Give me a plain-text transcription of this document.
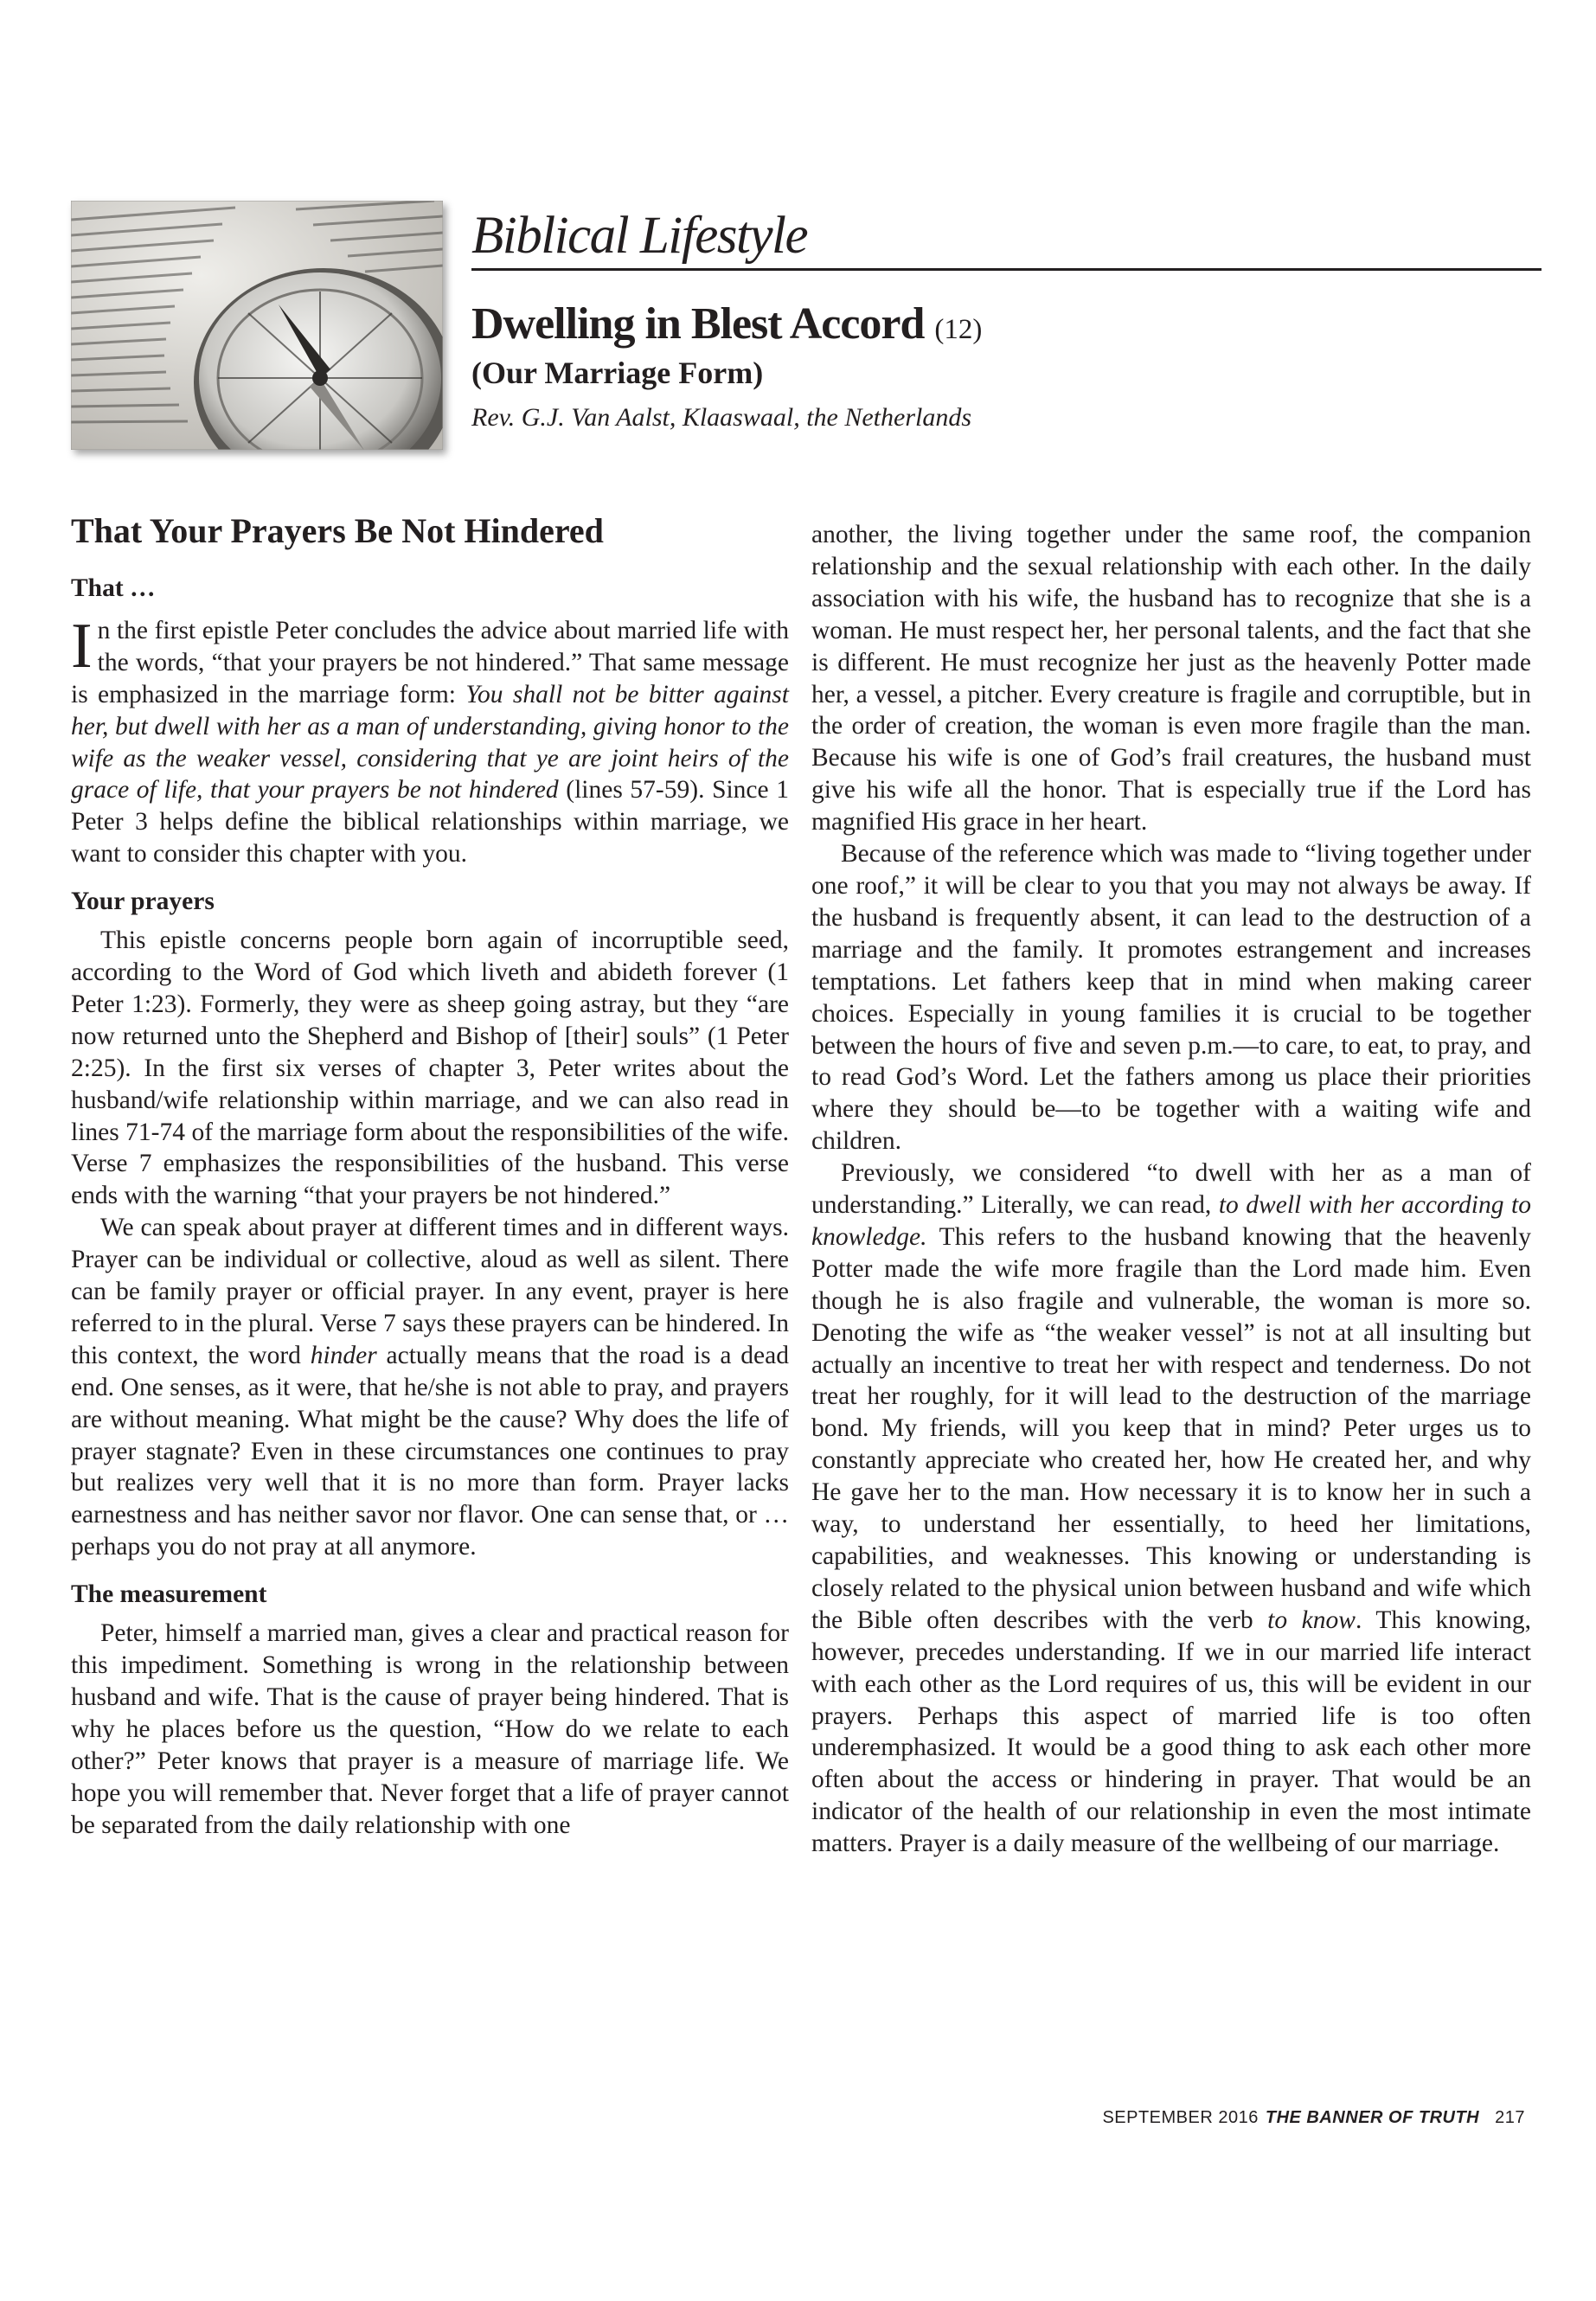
Biblical Lifestyle
Dwelling in Blest Accord (12)
(Our Marriage Form)

Rev. G.J. Van Aalst, Klaaswaal, the Netherlands

That Your Prayers Be Not Hindered
That …

In the first epistle Peter concludes the advice about married life with the words, “that your prayers be not hindered.” That same message is emphasized in the marriage form: You shall not be bitter against her, but dwell with her as a man of understanding, giving honor to the wife as the weaker vessel, considering that ye are joint heirs of the grace of life, that your prayers be not hindered (lines 57-59). Since 1 Peter 3 helps define the biblical relationships within marriage, we want to consider this chapter with you.

Your prayers

This epistle concerns people born again of incorruptible seed, according to the Word of God which liveth and abideth forever (1 Peter 1:23). Formerly, they were as sheep going astray, but they “are now returned unto the Shepherd and Bishop of [their] souls” (1 Peter 2:25). In the first six verses of chapter 3, Peter writes about the husband/wife relationship within marriage, and we can also read in lines 71-74 of the marriage form about the responsibilities of the wife. Verse 7 emphasizes the responsibilities of the husband. This verse ends with the warning “that your prayers be not hindered.”

We can speak about prayer at different times and in different ways. Prayer can be individual or collective, aloud as well as silent. There can be family prayer or official prayer. In any event, prayer is here referred to in the plural. Verse 7 says these prayers can be hindered. In this context, the word hinder actually means that the road is a dead end. One senses, as it were, that he/she is not able to pray, and prayers are without meaning. What might be the cause? Why does the life of prayer stagnate? Even in these circumstances one continues to pray but realizes very well that it is no more than form. Prayer lacks earnestness and has neither savor nor flavor. One can sense that, or … perhaps you do not pray at all anymore.

The measurement

Peter, himself a married man, gives a clear and practical reason for this impediment. Something is wrong in the relationship between husband and wife. That is the cause of prayer being hindered. That is why he places before us the question, “How do we relate to each other?” Peter knows that prayer is a measure of marriage life. We hope you will remember that. Never forget that a life of prayer cannot be separated from the daily relationship with one

another, the living together under the same roof, the companion relationship and the sexual relationship with each other. In the daily association with his wife, the husband has to recognize that she is a woman. He must respect her, her personal talents, and the fact that she is different. He must recognize her just as the heavenly Potter made her, a vessel, a pitcher. Every creature is fragile and corruptible, but in the order of creation, the woman is even more fragile than the man. Because his wife is one of God’s frail creatures, the husband must give his wife all the honor. That is especially true if the Lord has magnified His grace in her heart.

Because of the reference which was made to “living together under one roof,” it will be clear to you that you may not always be away. If the husband is frequently absent, it can lead to the destruction of a marriage and the family. It promotes estrangement and increases temptations. Let fathers keep that in mind when making career choices. Especially in young families it is crucial to be together between the hours of five and seven p.m.—to care, to eat, to pray, and to read God’s Word. Let the fathers among us place their priorities where they should be—to be together with a waiting wife and children.

Previously, we considered “to dwell with her as a man of understanding.” Literally, we can read, to dwell with her according to knowledge. This refers to the husband knowing that the heavenly Potter made the wife more fragile than the Lord made him. Even though he is also fragile and vulnerable, the woman is more so. Denoting the wife as “the weaker vessel” is not at all insulting but actually an incentive to treat her with respect and tenderness. Do not treat her roughly, for it will lead to the destruction of the marriage bond. My friends, will you keep that in mind? Peter urges us to constantly appreciate who created her, how He created her, and why He gave her to the man. How necessary it is to know her in such a way, to understand her essentially, to heed her limitations, capabilities, and weaknesses. This knowing or understanding is closely related to the physical union between husband and wife which the Bible often describes with the verb to know. This knowing, however, precedes understanding. If we in our married life interact with each other as the Lord requires of us, this will be evident in our prayers. Perhaps this aspect of married life is too often underemphasized. It would be a good thing to ask each other more often about the access or hindering in prayer. That would be an indicator of the health of our relationship in even the most intimate matters. Prayer is a daily measure of the wellbeing of our marriage.

SEPTEMBER 2016 THE BANNER OF TRUTH 217
